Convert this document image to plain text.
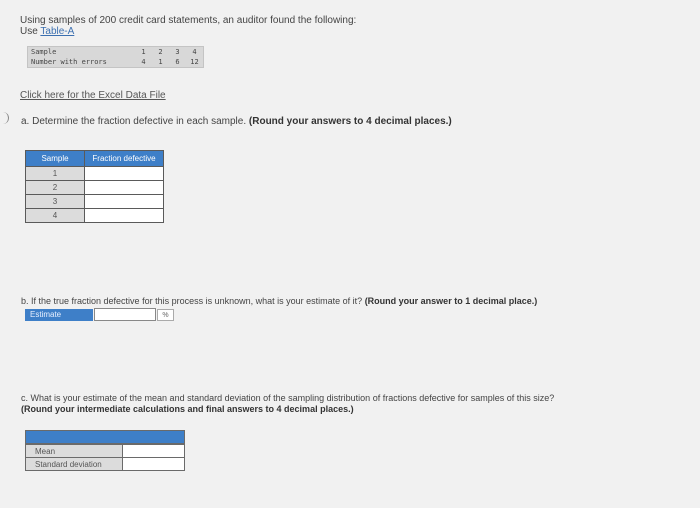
Using samples of 200 credit card statements, an auditor found the following:
Use Table-A
Sample	1	2	3	4
Number with errors	4	1	6	12
Click here for the Excel Data File
a. Determine the fraction defective in each sample. (Round your answers to 4 decimal places.)
Sample	Fraction defective
1	
2	
3	
4	
b. If the true fraction defective for this process is unknown, what is your estimate of it? (Round your answer to 1 decimal place.)
Estimate	%
c. What is your estimate of the mean and standard deviation of the sampling distribution of fractions defective for samples of this size?
(Round your intermediate calculations and final answers to 4 decimal places.)
Mean
Standard deviation
